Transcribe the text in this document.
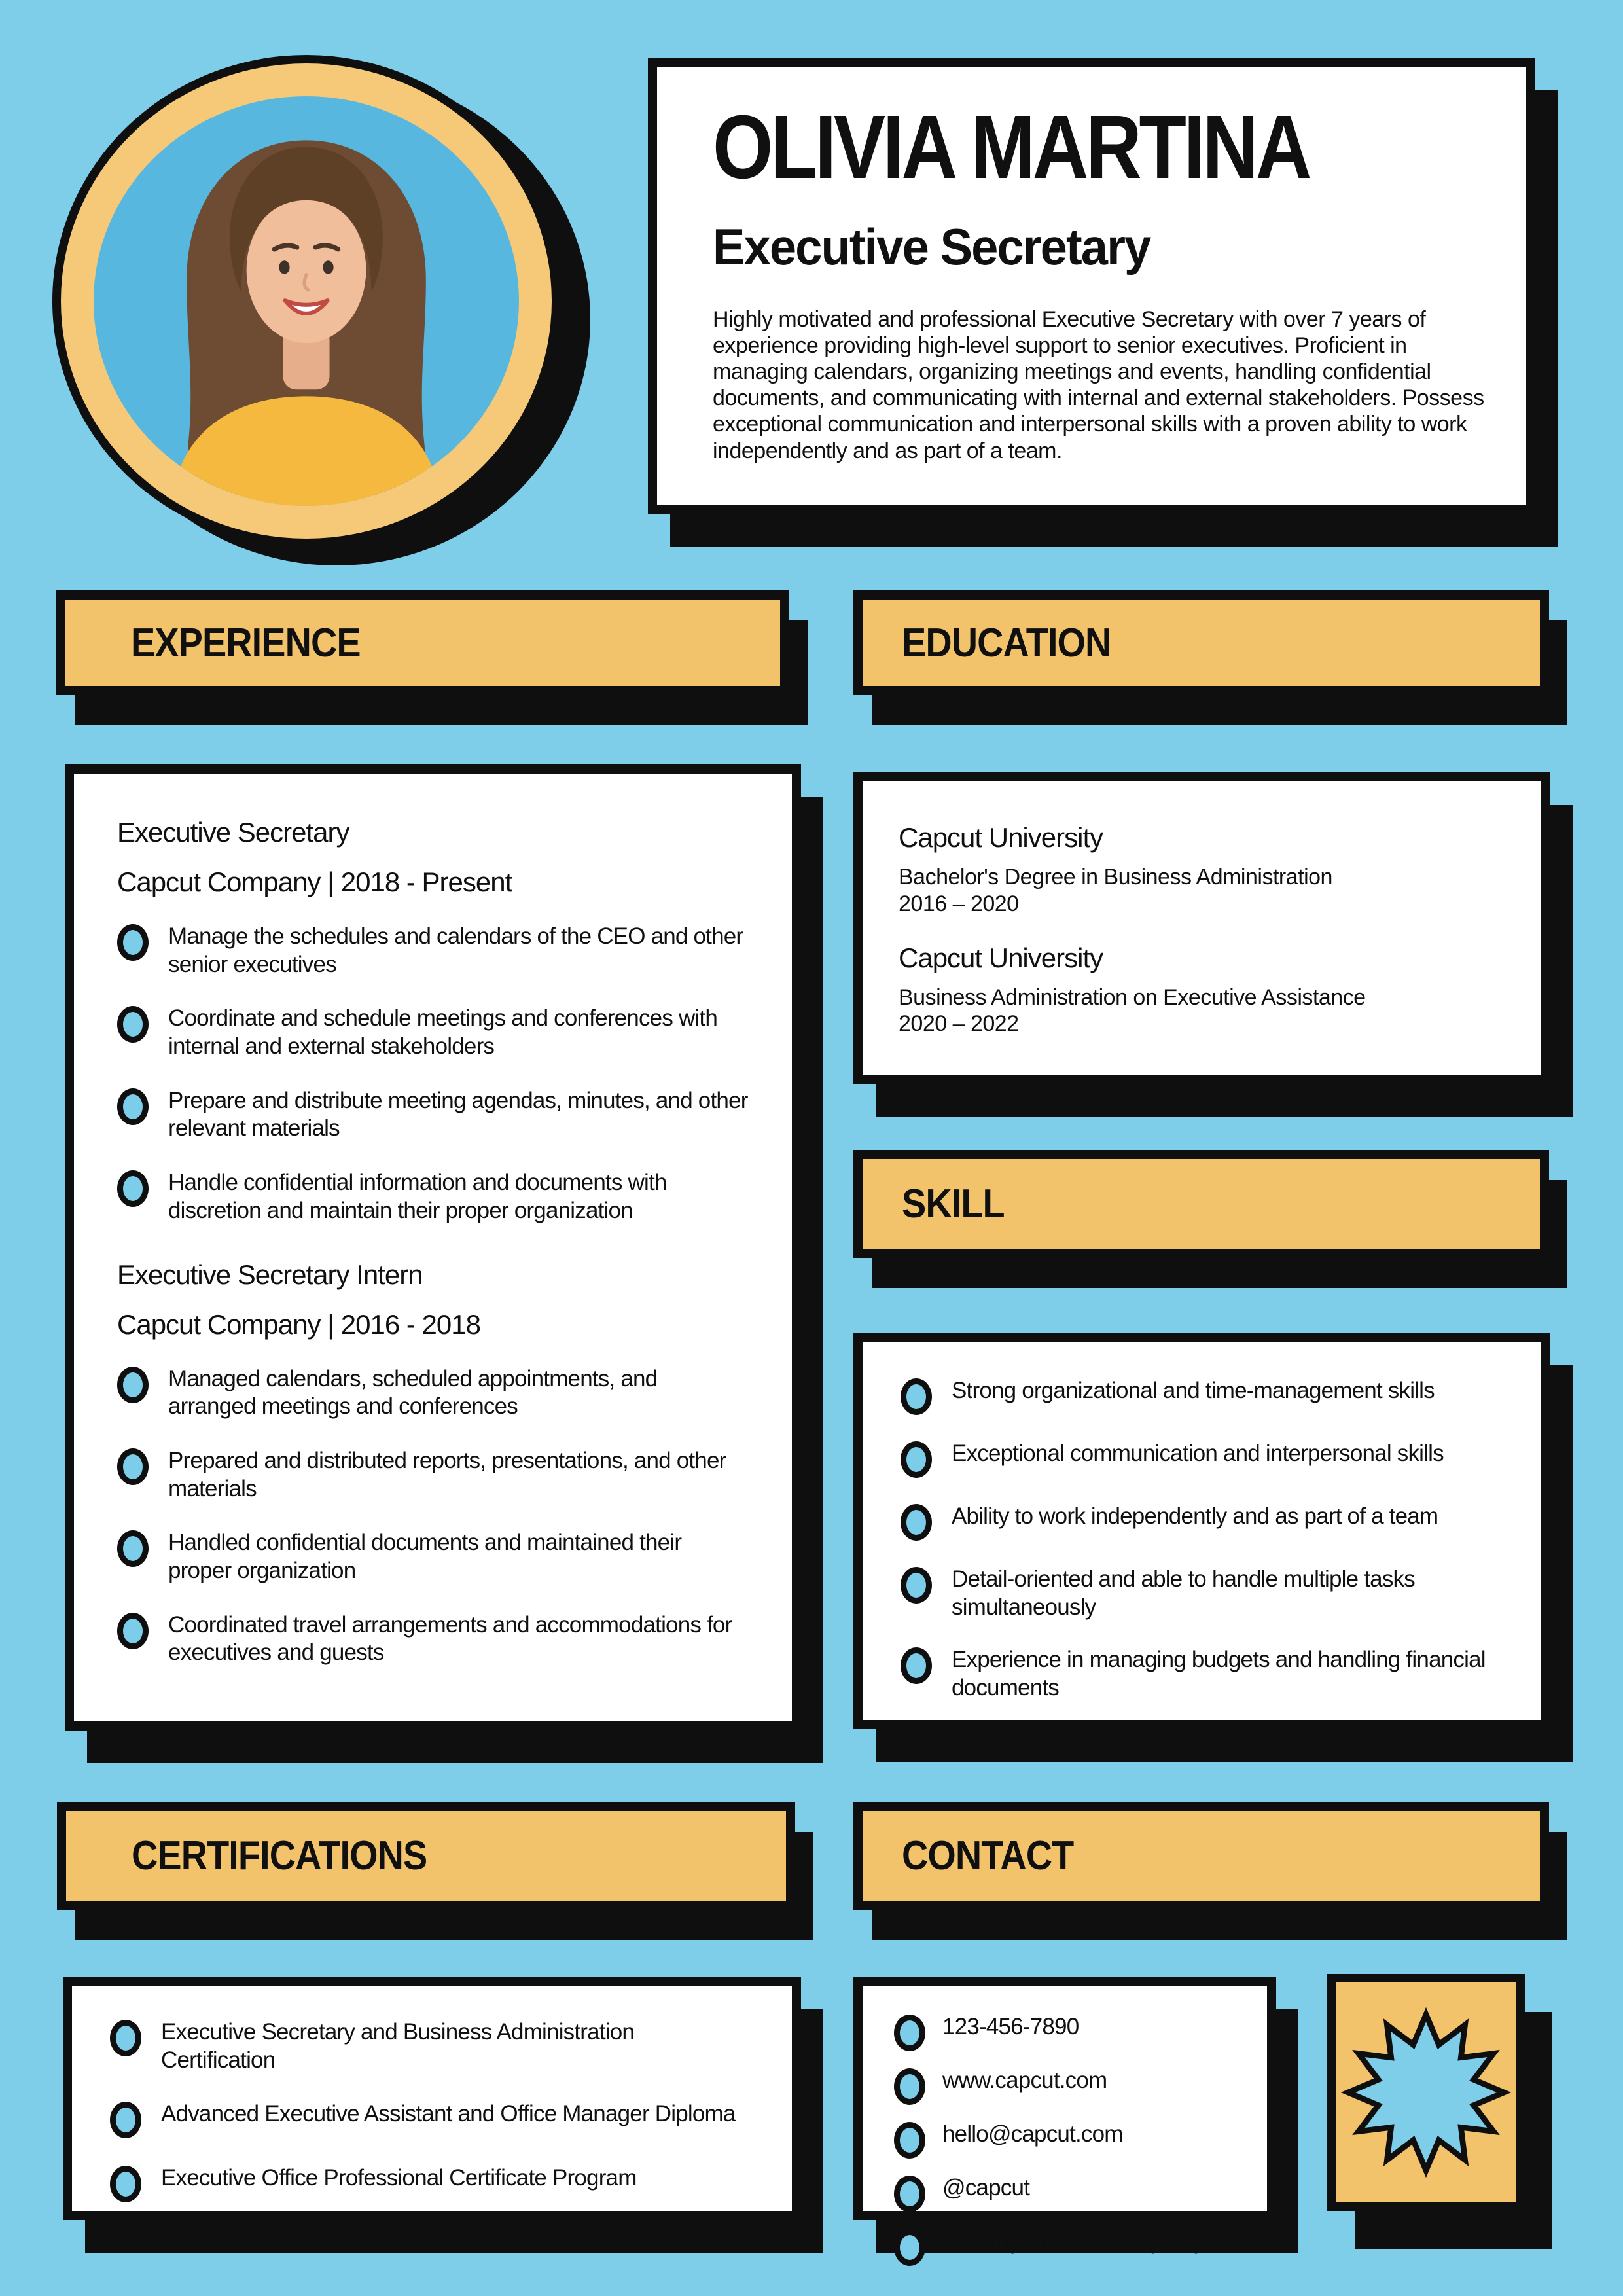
OLIVIA MARTINA
Executive Secretary
Highly motivated and professional Executive Secretary with over 7 years of experience providing high-level support to senior executives. Proficient in managing calendars, organizing meetings and events, handling confidential documents, and communicating with internal and external stakeholders. Possess exceptional communication and interpersonal skills with a proven ability to work independently and as part of a team.
EXPERIENCE	EDUCATION
SKILL
CERTIFICATIONS	CONTACT
Executive Secretary
Capcut Company | 2018 - Present
Manage the schedules and calendars of the CEO and other senior executives
Coordinate and schedule meetings and conferences with internal and external stakeholders
Prepare and distribute meeting agendas, minutes, and other relevant materials
Handle confidential information and documents with discretion and maintain their proper organization
Executive Secretary Intern
Capcut Company | 2016 - 2018
Managed calendars, scheduled appointments, and arranged meetings and conferences
Prepared and distributed reports, presentations, and other materials
Handled confidential documents and maintained their proper organization
Coordinated travel arrangements and accommodations for executives and guests
Capcut University
Bachelor's Degree in Business Administration
2016 – 2020
Capcut University
Business Administration on Executive Assistance
2020 – 2022
Strong organizational and time-management skills
Exceptional communication and interpersonal skills
Ability to work independently and as part of a team
Detail-oriented and able to handle multiple tasks simultaneously
Experience in managing budgets and handling financial documents
Executive Secretary and Business Administration Certification
Advanced Executive Assistant and Office Manager Diploma
Executive Office Professional Certificate Program
123-456-7890
www.capcut.com
hello@capcut.com
@capcut
123 Anywhere St., Any City
